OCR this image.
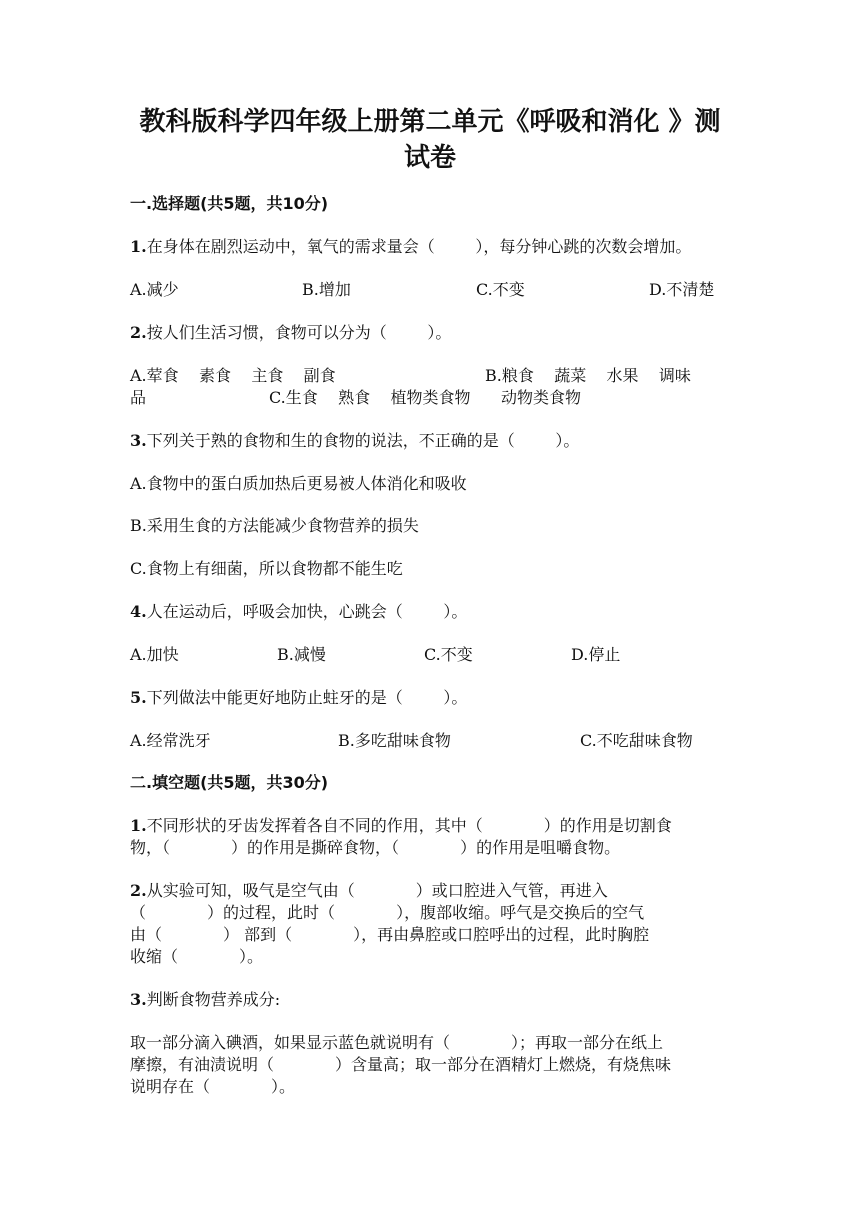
教科版科学四年级上册第二单元《呼吸和消化 》测
试卷
一.选择题(共5题，共10分)
1.在身体在剧烈运动中，氧气的需求量会（        ），每分钟心跳的次数会增加。
A.减少	B.增加	C.不变	D.不清楚
2.按人们生活习惯，食物可以分为（        ）。
A.荤食    素食    主食    副食	B.粮食    蔬菜    水果    调味
品	C.生食    熟食    植物类食物      动物类食物
3.下列关于熟的食物和生的食物的说法，不正确的是（        ）。
A.食物中的蛋白质加热后更易被人体消化和吸收
B.采用生食的方法能减少食物营养的损失
C.食物上有细菌，所以食物都不能生吃
4.人在运动后，呼吸会加快，心跳会（        ）。
A.加快	B.减慢	C.不变	D.停止
5.下列做法中能更好地防止蛀牙的是（        ）。
A.经常洗牙	B.多吃甜味食物	C.不吃甜味食物
二.填空题(共5题，共30分)
1.不同形状的牙齿发挥着各自不同的作用，其中（            ）的作用是切割食
物，（            ）的作用是撕碎食物，（            ）的作用是咀嚼食物。
2.从实验可知，吸气是空气由（            ）或口腔进入气管，再进入
（            ）的过程，此时（            ），腹部收缩。呼气是交换后的空气
由（            ） 部到（            ），再由鼻腔或口腔呼出的过程，此时胸腔
收缩（            ）。
3.判断食物营养成分:
取一部分滴入碘酒，如果显示蓝色就说明有（            ）；再取一部分在纸上
摩擦，有油渍说明（            ）含量高；取一部分在酒精灯上燃烧，有烧焦味
说明存在（            ）。
